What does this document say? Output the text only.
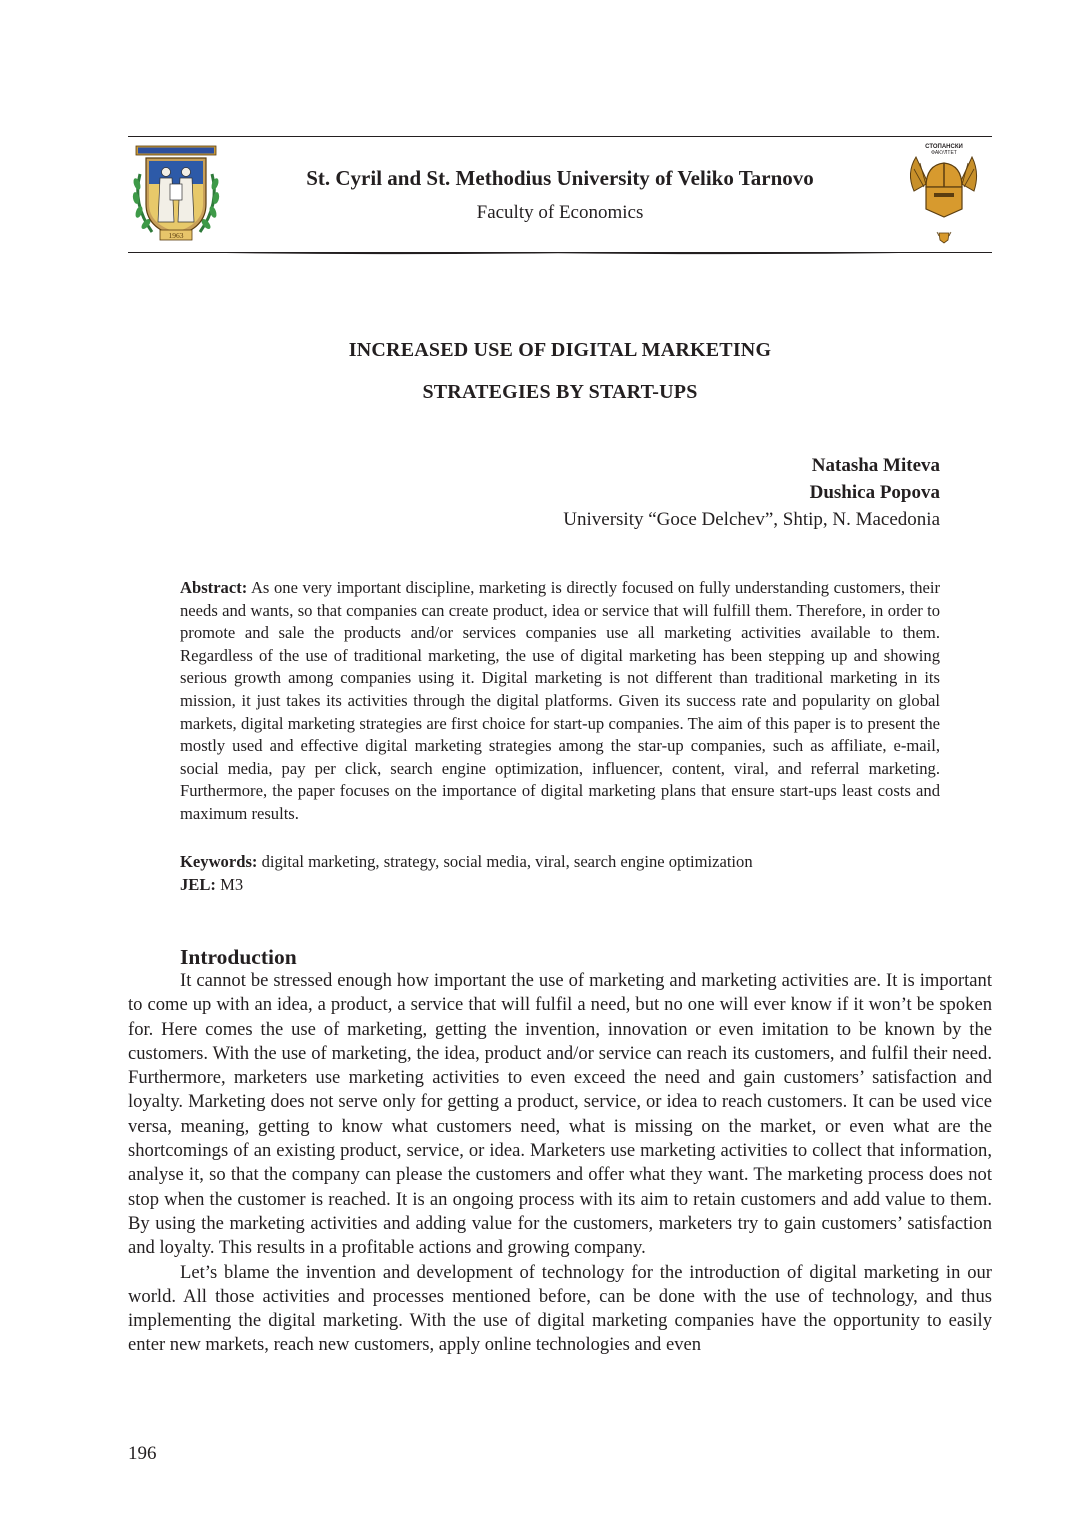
1963
St. Cyril and St. Methodius University of Veliko Tarnovo
Faculty of Economics
СТОПАНСКИ
ФАКУЛТЕТ
INCREASED USE OF DIGITAL MARKETING
STRATEGIES BY START-UPS
Natasha Miteva
Dushica Popova
University “Goce Delchev”, Shtip, N. Macedonia

Abstract: As one very important discipline, marketing is directly focused on fully understanding customers, their needs and wants, so that companies can create product, idea or service that will fulfill them. Therefore, in order to promote and sale the products and/or services companies use all marketing activities available to them. Regardless of the use of traditional marketing, the use of digital marketing has been stepping up and showing serious growth among companies using it. Digital marketing is not different than traditional marketing in its mission, it just takes its activities through the digital platforms. Given its success rate and popularity on global markets, digital marketing strategies are first choice for start-up companies. The aim of this paper is to present the mostly used and effective digital marketing strategies among the star-up companies, such as affiliate, e-mail, social media, pay per click, search engine optimization, influencer, content, viral, and referral marketing. Furthermore, the paper focuses on the importance of digital marketing plans that ensure start-ups least costs and maximum results.

Keywords: digital marketing, strategy, social media, viral, search engine optimization
JEL: M3
Introduction

It cannot be stressed enough how important the use of marketing and marketing activities are. It is important to come up with an idea, a product, a service that will fulfil a need, but no one will ever know if it won’t be spoken for. Here comes the use of marketing, getting the invention, innovation or even imitation to be known by the customers. With the use of marketing, the idea, product and/or service can reach its customers, and fulfil their need. Furthermore, marketers use marketing activities to even exceed the need and gain customers’ satisfaction and loyalty. Marketing does not serve only for getting a product, service, or idea to reach customers. It can be used vice versa, meaning, getting to know what customers need, what is missing on the market, or even what are the shortcomings of an existing product, service, or idea. Marketers use marketing activities to collect that information, analyse it, so that the company can please the customers and offer what they want. The marketing process does not stop when the customer is reached. It is an ongoing process with its aim to retain customers and add value to them. By using the marketing activities and adding value for the customers, marketers try to gain customers’ satisfaction and loyalty. This results in a profitable actions and growing company.

Let’s blame the invention and development of technology for the introduction of digital marketing in our world. All those activities and processes mentioned before, can be done with the use of technology, and thus implementing the digital marketing. With the use of digital marketing companies have the opportunity to easily enter new markets, reach new customers, apply online technologies and even

196
